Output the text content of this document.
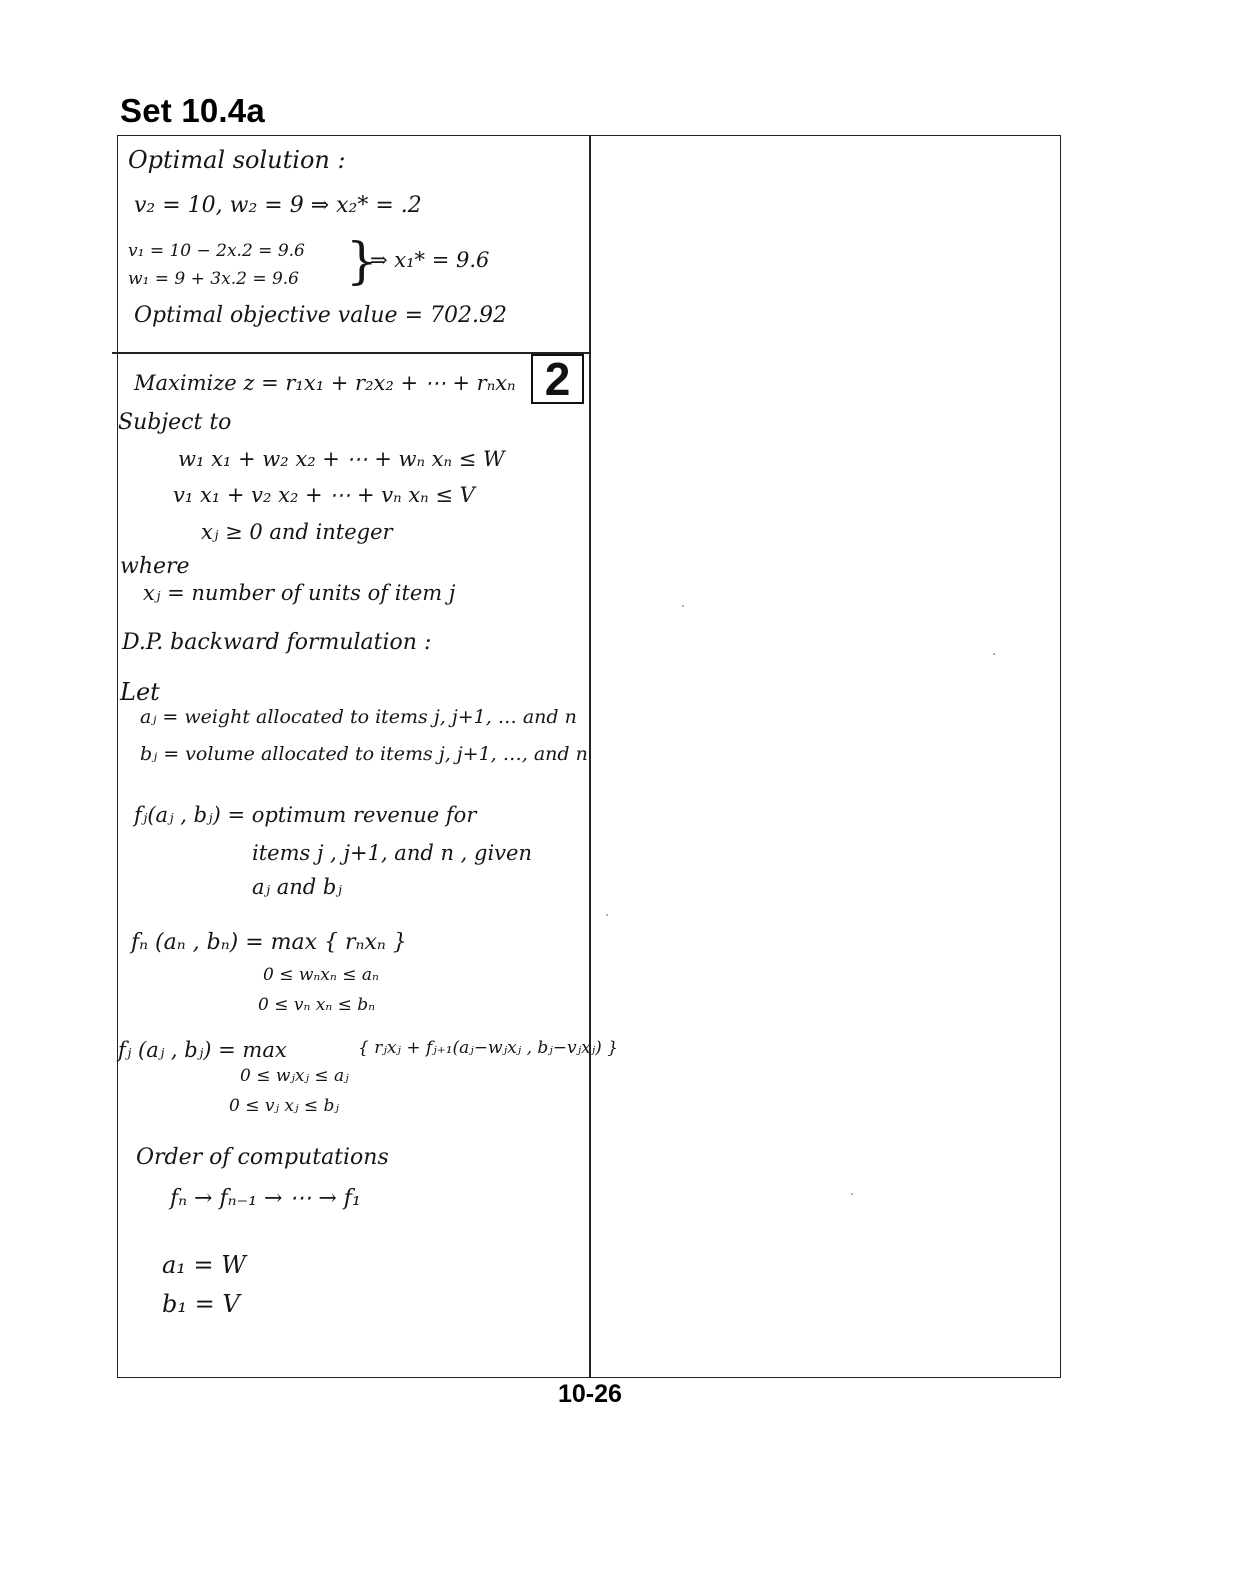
Set 10.4a
2
Optimal solution :
v₂ = 10, w₂ = 9 ⇒ x₂* = .2
v₁ = 10 − 2x.2 = 9.6
w₁ = 9 + 3x.2 = 9.6 }
⇒ x₁* = 9.6
Optimal objective value = 702.92
Maximize z = r₁x₁ + r₂x₂ + ⋯ + rₙxₙ
Subject to
w₁ x₁ + w₂ x₂ + ⋯ + wₙ xₙ ≤ W
v₁ x₁ + v₂ x₂ + ⋯ + vₙ xₙ ≤ V
xⱼ ≥ 0 and integer
where
xⱼ = number of units of item j
D.P. backward formulation :
Let
aⱼ = weight allocated to items j, j+1, … and n
bⱼ = volume allocated to items j, j+1, …, and n
fⱼ(aⱼ , bⱼ) = optimum revenue for
items j , j+1, and n , given
aⱼ and bⱼ
fₙ (aₙ , bₙ) = max { rₙxₙ }
0 ≤ wₙxₙ ≤ aₙ
0 ≤ vₙ xₙ ≤ bₙ
fⱼ (aⱼ , bⱼ) = max	{ rⱼxⱼ + fⱼ₊₁(aⱼ−wⱼxⱼ , bⱼ−vⱼxⱼ) }
0 ≤ wⱼxⱼ ≤ aⱼ
0 ≤ vⱼ xⱼ ≤ bⱼ
Order of computations
fₙ → fₙ₋₁ → ⋯ → f₁
a₁ = W
b₁ = V
10-26
